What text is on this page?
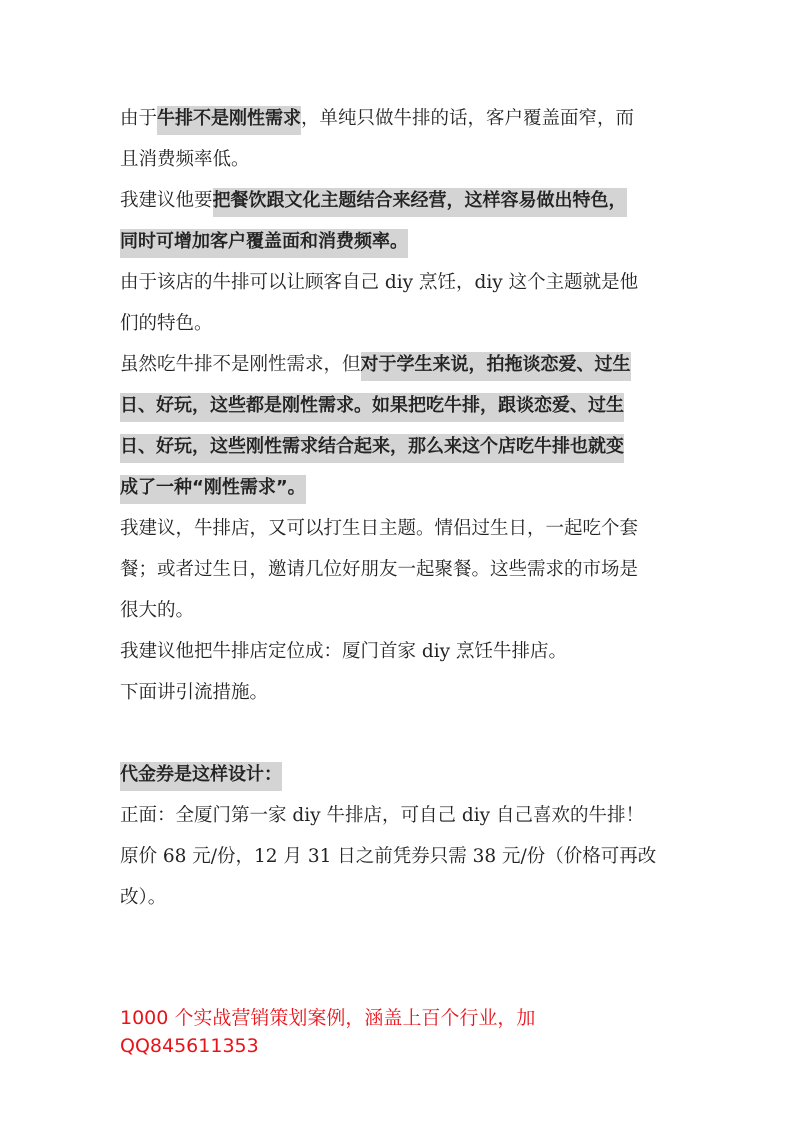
由于牛排不是刚性需求，单纯只做牛排的话，客户覆盖面窄，而
且消费频率低。
我建议他要把餐饮跟文化主题结合来经营，这样容易做出特色，
同时可增加客户覆盖面和消费频率。
由于该店的牛排可以让顾客自己 diy 烹饪，diy 这个主题就是他
们的特色。
虽然吃牛排不是刚性需求，但对于学生来说，拍拖谈恋爱、过生
日、好玩，这些都是刚性需求。如果把吃牛排，跟谈恋爱、过生
日、好玩，这些刚性需求结合起来，那么来这个店吃牛排也就变
成了一种“刚性需求”。
我建议，牛排店，又可以打生日主题。情侣过生日，一起吃个套
餐；或者过生日，邀请几位好朋友一起聚餐。这些需求的市场是
很大的。
我建议他把牛排店定位成：厦门首家 diy 烹饪牛排店。
下面讲引流措施。
代金券是这样设计：
正面：全厦门第一家 diy 牛排店，可自己 diy 自己喜欢的牛排！
原价 68 元/份，12 月 31 日之前凭券只需 38 元/份（价格可再改
改）。
1000 个实战营销策划案例，涵盖上百个行业，加
QQ845611353
